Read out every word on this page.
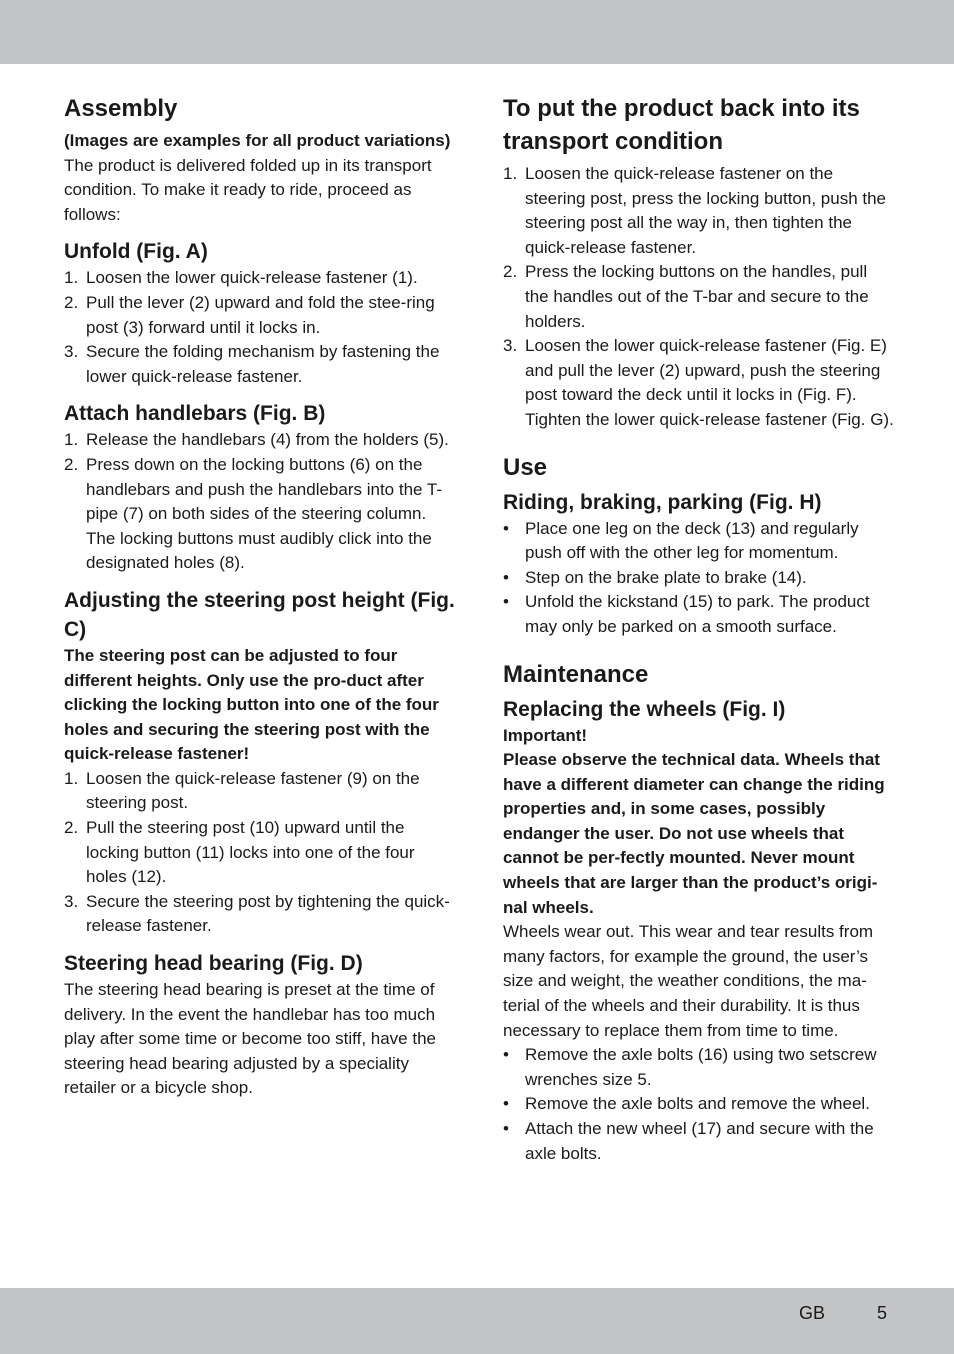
Assembly

(Images are examples for all product variations)

The product is delivered folded up in its transport condition. To make it ready to ride, proceed as follows:

Unfold (Fig. A)
1. Loosen the lower quick-release fastener (1).
2. Pull the lever (2) upward and fold the stee-ring post (3) forward until it locks in.
3. Secure the folding mechanism by fastening the lower quick-release fastener.
Attach handlebars (Fig. B)
1. Release the handlebars (4) from the holders (5).
2. Press down on the locking buttons (6) on the handlebars and push the handlebars into the T-pipe (7) on both sides of the steering column. The locking buttons must audibly click into the designated holes (8).
Adjusting the steering post height (Fig. C)

The steering post can be adjusted to four different heights. Only use the pro-duct after clicking the locking button into one of the four holes and securing the steering post with the quick-release fastener!

1. Loosen the quick-release fastener (9) on the steering post.
2. Pull the steering post (10) upward until the locking button (11) locks into one of the four holes (12).
3. Secure the steering post by tightening the quick-release fastener.
Steering head bearing (Fig. D)

The steering head bearing is preset at the time of delivery. In the event the handlebar has too much play after some time or become too stiff, have the steering head bearing adjusted by a speciality retailer or a bicycle shop.

To put the product back into its transport condition
1. Loosen the quick-release fastener on the steering post, press the locking button, push the steering post all the way in, then tighten the quick-release fastener.
2. Press the locking buttons on the handles, pull the handles out of the T-bar and secure to the holders.
3. Loosen the lower quick-release fastener (Fig. E) and pull the lever (2) upward, push the steering post toward the deck until it locks in (Fig. F). Tighten the lower quick-release fastener (Fig. G).
Use
Riding, braking, parking (Fig. H)
• Place one leg on the deck (13) and regularly push off with the other leg for momentum.
• Step on the brake plate to brake (14).
• Unfold the kickstand (15) to park. The product may only be parked on a smooth surface.
Maintenance
Replacing the wheels (Fig. I)

Important!

Please observe the technical data. Wheels that have a different diameter can change the riding properties and, in some cases, possibly endanger the user. Do not use wheels that cannot be per-fectly mounted. Never mount wheels that are larger than the product’s origi-nal wheels.

Wheels wear out. This wear and tear results from many factors, for example the ground, the user’s size and weight, the weather conditions, the ma-terial of the wheels and their durability. It is thus necessary to replace them from time to time.

• Remove the axle bolts (16) using two setscrew wrenches size 5.
• Remove the axle bolts and remove the wheel.
• Attach the new wheel (17) and secure with the axle bolts.
GB	5
